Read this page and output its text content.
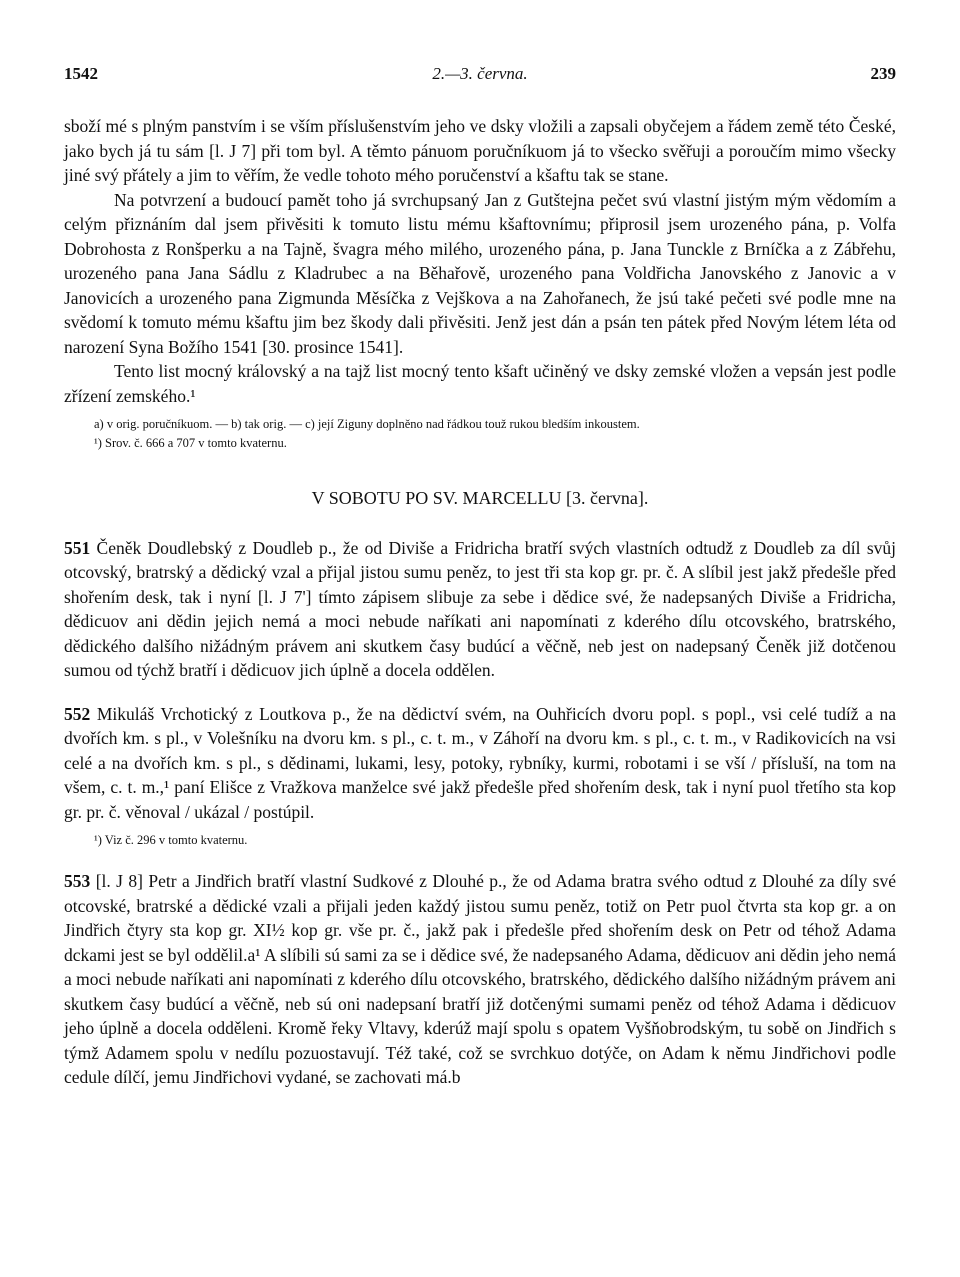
1542	2.—3. června.	239

sboží mé s plným panstvím i se vším příslušenstvím jeho ve dsky vložili a zapsali obyčejem a řádem země této České, jako bych já tu sám [l. J 7] při tom byl. A těmto pánuom poručníkuom já to všecko svěřuji a poroučím mimo všecky jiné svý přátely a jim to věřím, že vedle tohoto mého poručenství a kšaftu tak se stane.

Na potvrzení a budoucí pamět toho já svrchupsaný Jan z Gutštejna pečet svú vlastní jistým mým vědomím a celým přiznáním dal jsem přivěsiti k tomuto listu mému kšaftovnímu; připrosil jsem urozeného pána, p. Volfa Dobrohosta z Ronšperku a na Tajně, švagra mého milého, urozeného pána, p. Jana Tunckle z Brníčka a z Zábřehu, urozeného pana Jana Sádlu z Kladrubec a na Běhařově, urozeného pana Voldřicha Janovského z Janovic a v Janovicích a urozeného pana Zigmunda Měsíčka z Vejškova a na Zahořanech, že jsú také pečeti své podle mne na svědomí k tomuto mému kšaftu jim bez škody dali přivěsiti. Jenž jest dán a psán ten pátek před Novým létem léta od narození Syna Božího 1541 [30. prosince 1541].

Tento list mocný královský a na tajž list mocný tento kšaft učiněný ve dsky zemské vložen a vepsán jest podle zřízení zemského.¹

a) v orig. poručníkuom. — b) tak orig. — c) její Ziguny doplněno nad řádkou touž rukou bledším inkoustem.

¹) Srov. č. 666 a 707 v tomto kvaternu.

V SOBOTU PO SV. MARCELLU [3. června].

551 Čeněk Doudlebský z Doudleb p., že od Diviše a Fridricha bratří svých vlastních odtudž z Doudleb za díl svůj otcovský, bratrský a dědický vzal a přijal jistou sumu peněz, to jest tři sta kop gr. pr. č. A slíbil jest jakž předešle před shořením desk, tak i nyní [l. J 7'] tímto zápisem slibuje za sebe i dědice své, že nadepsaných Diviše a Fridricha, dědicuov ani dědin jejich nemá a moci nebude naříkati ani napomínati z kderého dílu otcovského, bratrského, dědického dalšího nižádným právem ani skutkem časy budúcí a věčně, neb jest on nadepsaný Čeněk již dotčenou sumou od týchž bratří i dědicuov jich úplně a docela oddělen.

552 Mikuláš Vrchotický z Loutkova p., že na dědictví svém, na Ouhřicích dvoru popl. s popl., vsi celé tudíž a na dvořích km. s pl., v Volešníku na dvoru km. s pl., c. t. m., v Záhoří na dvoru km. s pl., c. t. m., v Radikovicích na vsi celé a na dvořích km. s pl., s dědinami, lukami, lesy, potoky, rybníky, kurmi, robotami i se vší / přísluší, na tom na všem, c. t. m.,¹ paní Elišce z Vražkova manželce své jakž předešle před shořením desk, tak i nyní puol třetího sta kop gr. pr. č. věnoval / ukázal / postúpil.

¹) Viz č. 296 v tomto kvaternu.

553 [l. J 8] Petr a Jindřich bratří vlastní Sudkové z Dlouhé p., že od Adama bratra svého odtud z Dlouhé za díly své otcovské, bratrské a dědické vzali a přijali jeden každý jistou sumu peněz, totiž on Petr puol čtvrta sta kop gr. a on Jindřich čtyry sta kop gr. XI½ kop gr. vše pr. č., jakž pak i předešle před shořením desk on Petr od téhož Adama dckami jest se byl oddělil.a¹ A slíbili sú sami za se i dědice své, že nadepsaného Adama, dědicuov ani dědin jeho nemá a moci nebude naříkati ani napomínati z kderého dílu otcovského, bratrského, dědického dalšího nižádným právem ani skutkem časy budúcí a věčně, neb sú oni nadepsaní bratří již dotčenými sumami peněz od téhož Adama i dědicuov jeho úplně a docela odděleni. Kromě řeky Vltavy, kderúž mají spolu s opatem Vyšňobrodským, tu sobě on Jindřich s týmž Adamem spolu v nedílu pozuostavují. Též také, což se svrchkuo dotýče, on Adam k němu Jindřichovi podle cedule dílčí, jemu Jindřichovi vydané, se zachovati má.b
